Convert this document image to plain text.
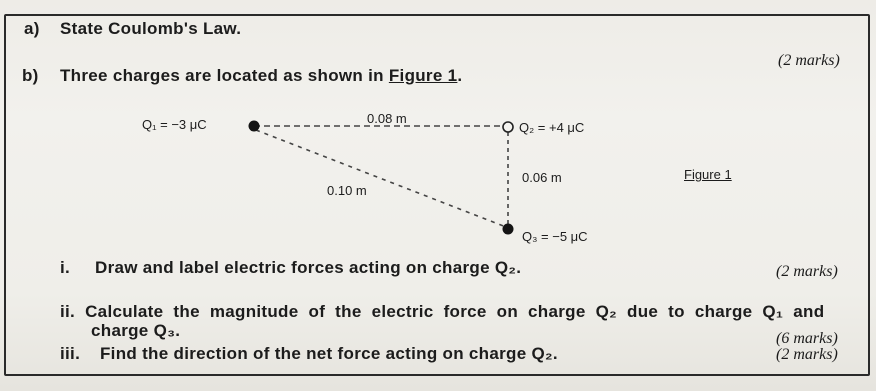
a) State Coulomb's Law.
(2 marks)
b) Three charges are located as shown in Figure 1.
Q₁ = −3 μC	0.08 m
Q₂ = +4 μC
0.06 m
0.10 m
Q₃ = −5 μC
Figure 1
i. Draw and label electric forces acting on charge Q₂.	(2 marks)
ii. Calculate the magnitude of the electric force on charge Q₂ due to charge Q₁ and
charge Q₃.	(6 marks)
iii. Find the direction of the net force acting on charge Q₂.	(2 marks)
